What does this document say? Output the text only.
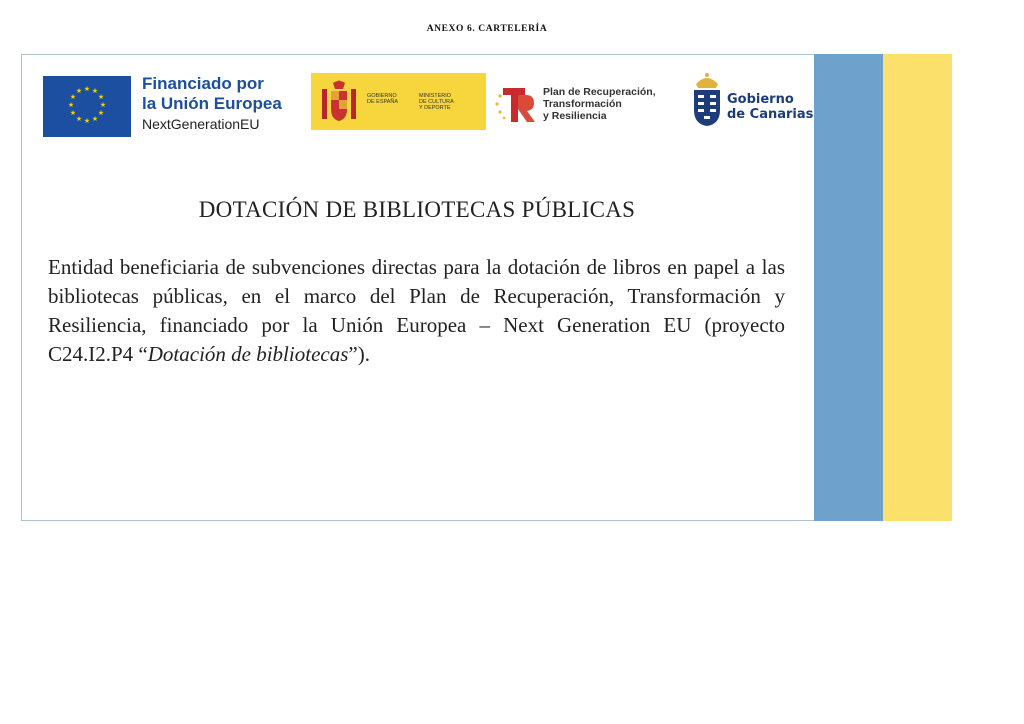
ANEXO 6. CARTELERÍA
★ ★
★
★
★
★
★
★
★
★
★
★	Financiado por
la Unión Europea
NextGenerationEU
GOBIERNO
DE ESPAÑA
MINISTERIO
DE CULTURA
Y DEPORTE
Plan de Recuperación,
Transformación
y Resiliencia
Gobierno
de Canarias
DOTACIÓN DE BIBLIOTECAS PÚBLICAS
Entidad beneficiaria de subvenciones directas para la dotación de libros en papel a las bibliotecas públicas, en el marco del Plan de Recuperación, Transformación y Resiliencia, financiado por la Unión Europea – Next Generation EU (proyecto C24.I2.P4 “Dotación de bibliotecas”).
